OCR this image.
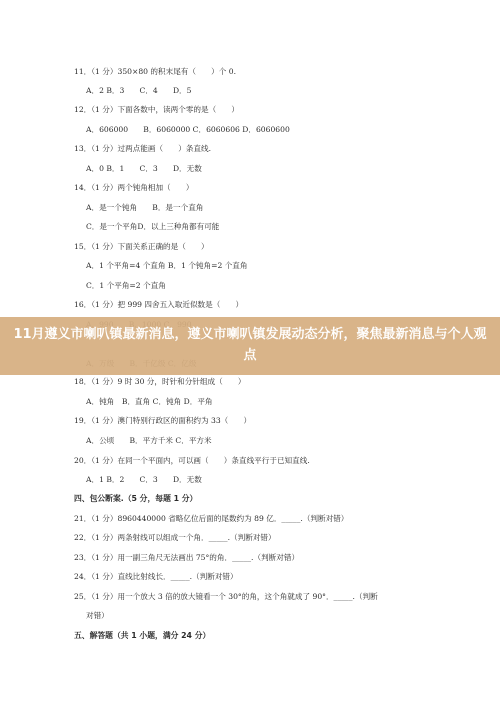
11．（1 分）350×80 的积末尾有（　　）个 0.
A．2 B．3　　C．4　　D．5
12．（1 分）下面各数中，读两个零的是（　　）
A．606000　　B．6060000 C．6060606 D．6060600
13．（1 分）过两点能画（　　）条直线.
A．0 B．1　　C．3　　D．无数
14．（1 分）两个钝角相加（　　）
A．是一个钝角　　B．是一个直角
C．是一个平角D．以上三种角都有可能
15．（1 分）下面关系正确的是（　　）
A．1 个平角=4 个直角 B．1 个钝角=2 个直角
C．1 个平角=2 个直角
16．（1 分）把 999 四舍五入取近似数是（　　）
18．（1 分）9 时 30 分，时针和分针组成（　　）
A．钝角　B．直角 C．钝角 D．平角
19．（1 分）澳门特别行政区的面积约为 33（　　）
A．公顷　　B．平方千米 C．平方米
20．（1 分）在同一个平面内，可以画（　　）条直线平行于已知直线.
A．1 B．2　　C．3　　D．无数
四、包公断案.（5 分，每题 1 分）
21．（1 分）8960440000 省略亿位后面的尾数约为 89 亿．_____.（判断对错）
22．（1 分）两条射线可以组成一个角．_____.（判断对错）
23．（1 分）用一副三角尺无法画出 75°的角．_____.（判断对错）
24．（1 分）直线比射线长．_____.（判断对错）
25．（1 分）用一个放大 3 倍的放大镜看一个 30°的角，这个角就成了 90°．_____.（判断
对错）
五、解答题（共 1 小题，满分 24 分）
11月遵义市喇叭镇最新消息，遵义市喇叭镇发展动态分析，聚焦最新消息与个人观点
